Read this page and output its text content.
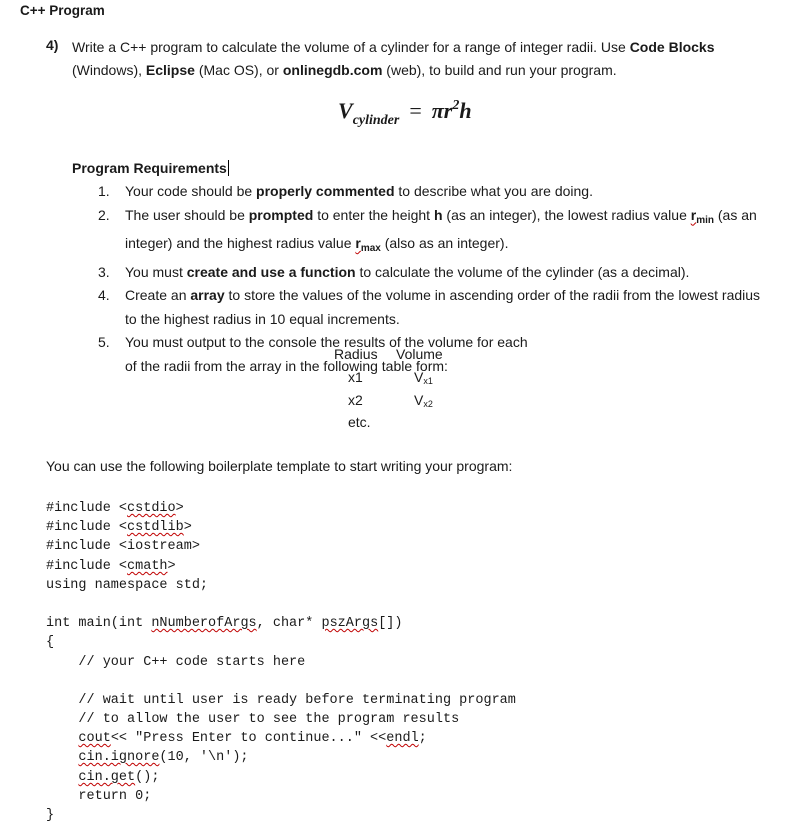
C++ Program
4) Write a C++ program to calculate the volume of a cylinder for a range of integer radii. Use Code Blocks (Windows), Eclipse (Mac OS), or onlinegdb.com (web), to build and run your program.
$V_{cylinder} = \pi r^2h$
Program Requirements
1. Your code should be properly commented to describe what you are doing.
2. The user should be prompted to enter the height h (as an integer), the lowest radius value $r_{min}$ (as an integer) and the highest radius value $r_{max}$ (also as an integer).
3. You must create and use a function to calculate the volume of the cylinder (as a decimal).
4. Create an array to store the values of the volume in ascending order of the radii from the lowest radius to the highest radius in 10 equal increments.
5. You must output to the console the results of the volume for each of the radii from the array in the following table form:
Radius Volume
x1	Vx1
x2	Vx2
etc.
You can use the following boilerplate template to start writing your program:
#include <cstdio>
#include <cstdlib>
#include <iostream>
#include <cmath>
using namespace std;
int main(int nNumberofArgs, char* pszArgs[])
{
// your C++ code starts here
// wait until user is ready before terminating program
// to allow the user to see the program results
cout<< "Press Enter to continue..." <<endl;
cin.ignore(10, '\n');
cin.get();
return 0;
}
